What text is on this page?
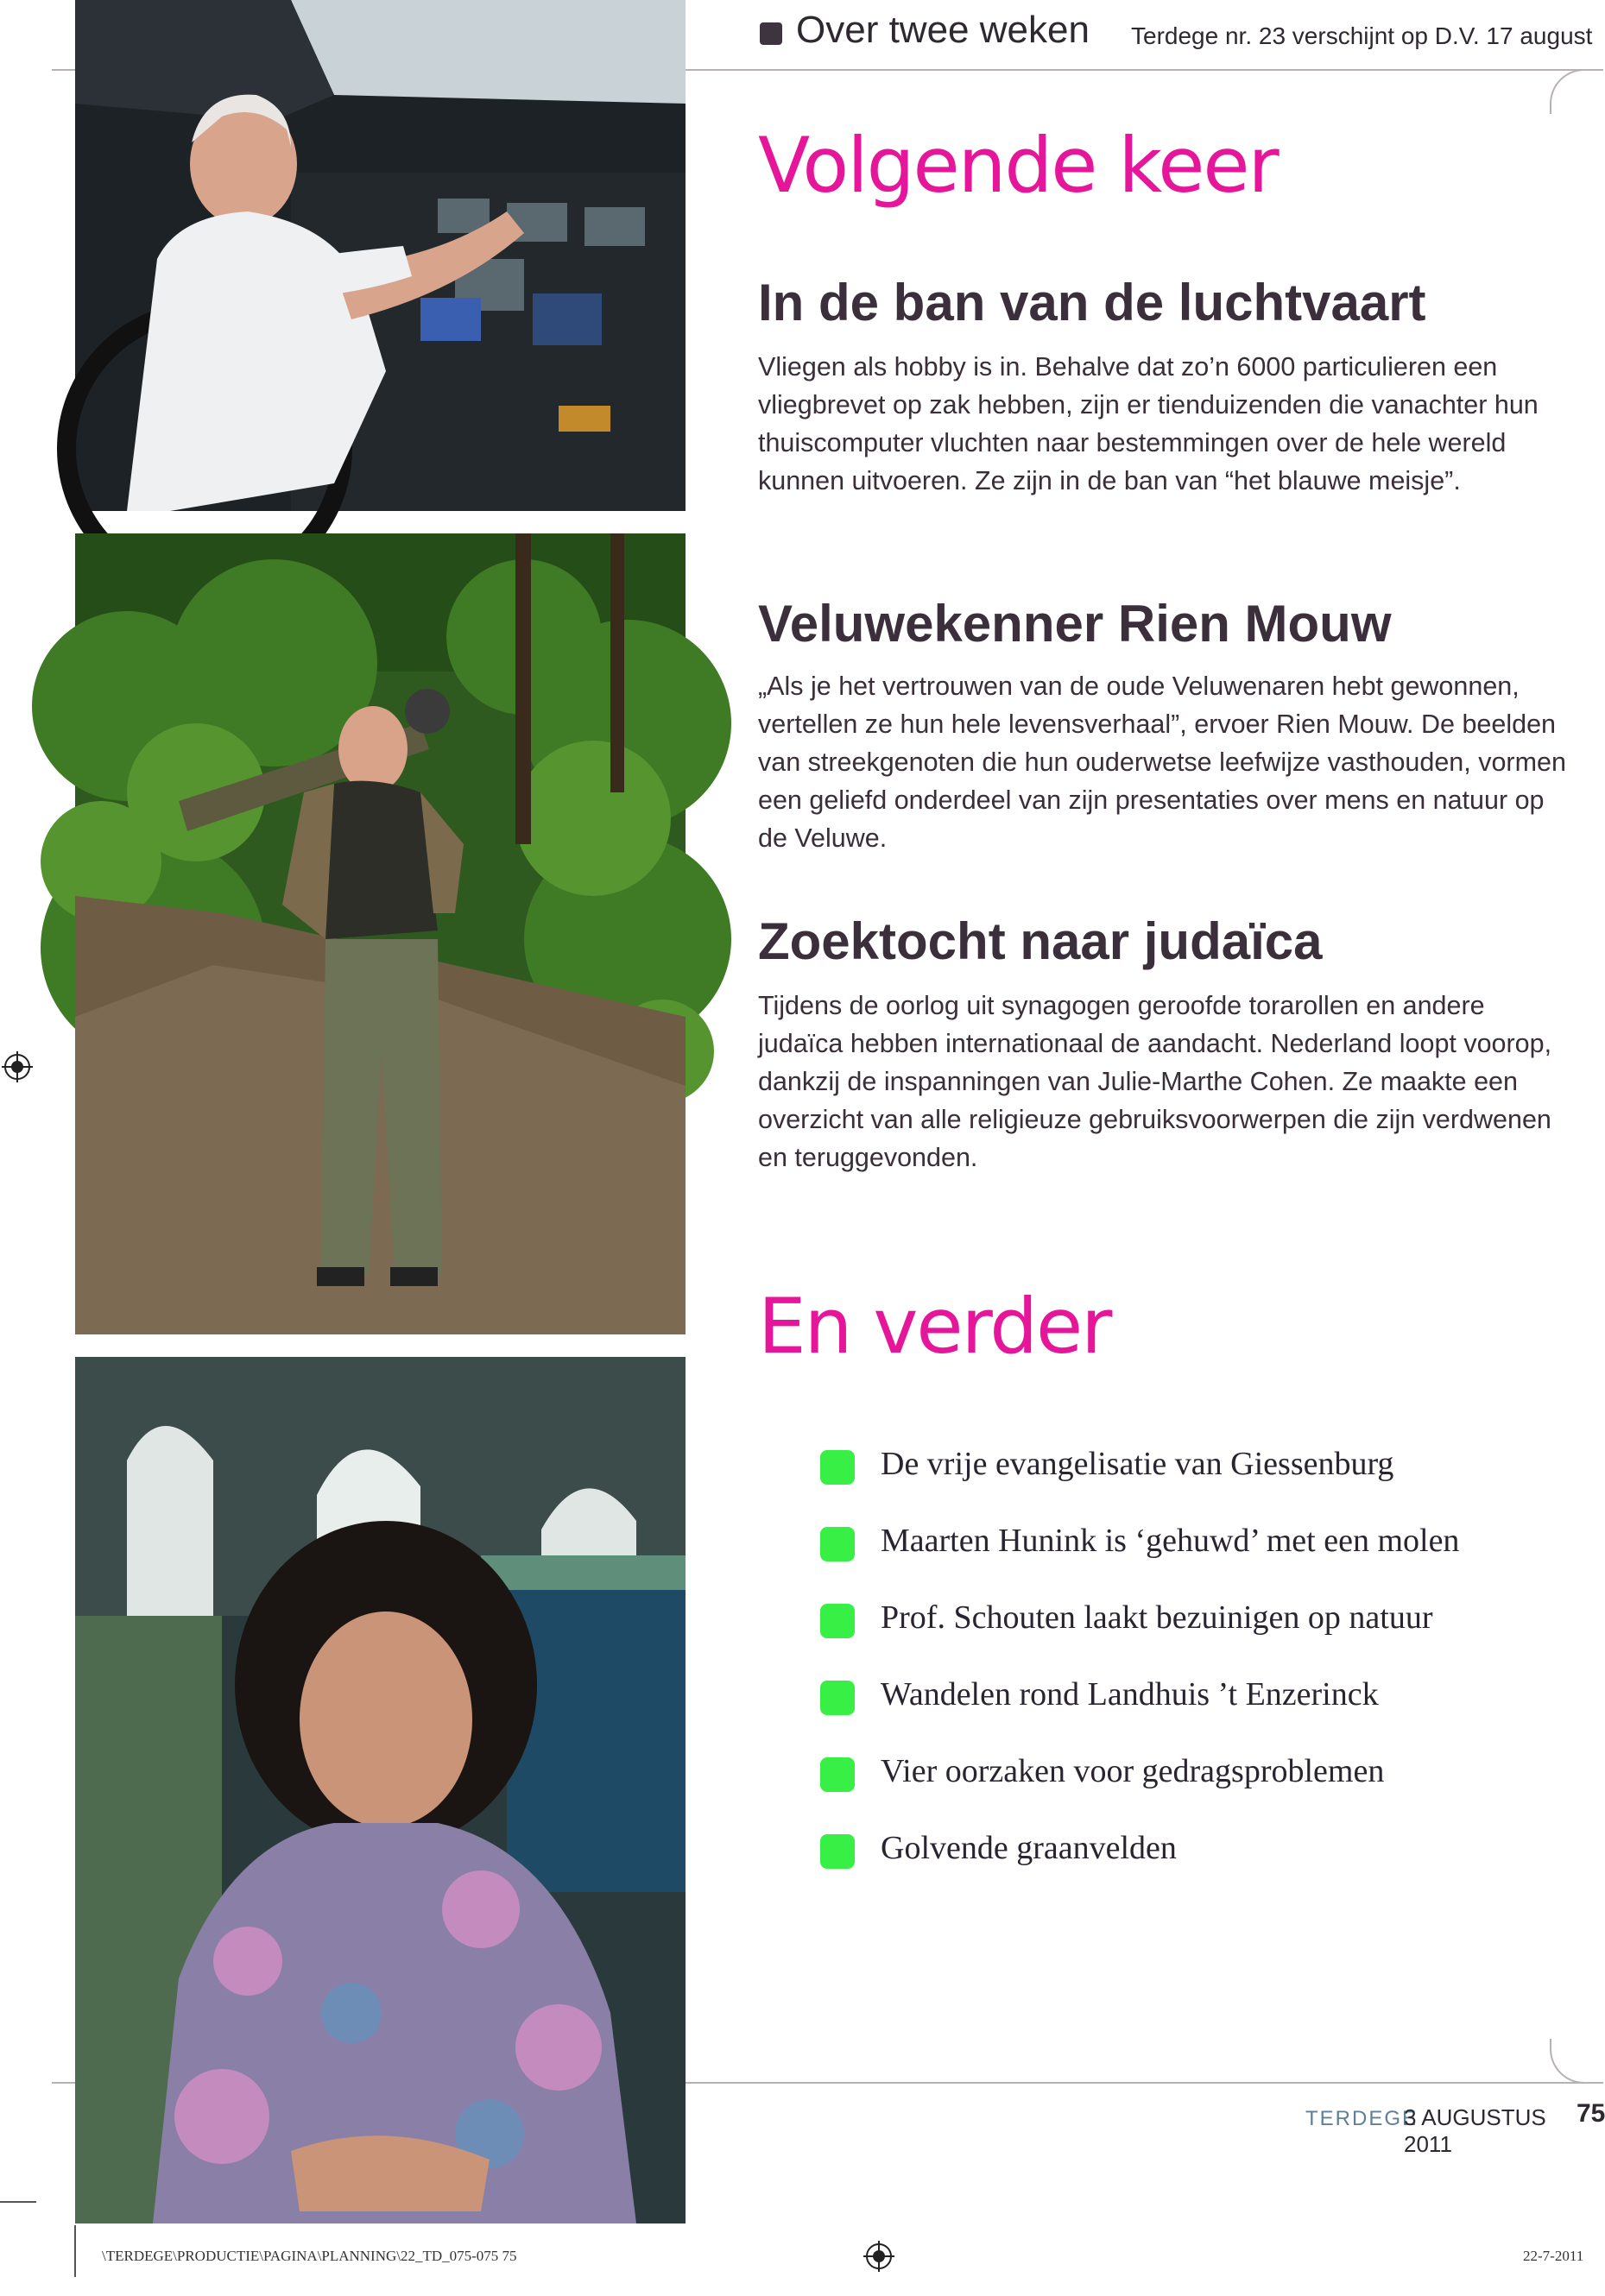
Over twee weken Terdege nr. 23 verschijnt op D.V. 17 august
Volgende keer
In de ban van de luchtvaart
Vliegen als hobby is in. Behalve dat zo’n 6000 particulieren een vliegbrevet op zak hebben, zijn er tienduizenden die vanachter hun thuiscomputer vluchten naar bestemmingen over de hele wereld kunnen uitvoeren. Ze zijn in de ban van “het blauwe meisje”.
Veluwekenner Rien Mouw
„Als je het vertrouwen van de oude Veluwenaren hebt gewonnen, vertellen ze hun hele levensverhaal”, ervoer Rien Mouw. De beelden van streekgenoten die hun ouderwetse leefwijze vasthouden, vormen een geliefd onderdeel van zijn presentaties over mens en natuur op de Veluwe.
Zoektocht naar judaïca
Tijdens de oorlog uit synagogen geroofde torarollen en andere judaïca hebben internationaal de aandacht. Nederland loopt voorop, dankzij de inspanningen van Julie-Marthe Cohen. Ze maakte een overzicht van alle religieuze gebruiksvoorwerpen die zijn verdwenen en teruggevonden.
En verder
De vrije evangelisatie van Giessenburg
Maarten Hunink is ‘gehuwd’ met een molen
Prof. Schouten laakt bezuinigen op natuur
Wandelen rond Landhuis ’t Enzerinck
Vier oorzaken voor gedragsproblemen
Golvende graanvelden
TERDEGE
3 AUGUSTUS 2011
75
\TERDEGE\PRODUCTIE\PAGINA\PLANNING\22_TD_075-075 75	22-7-2011
